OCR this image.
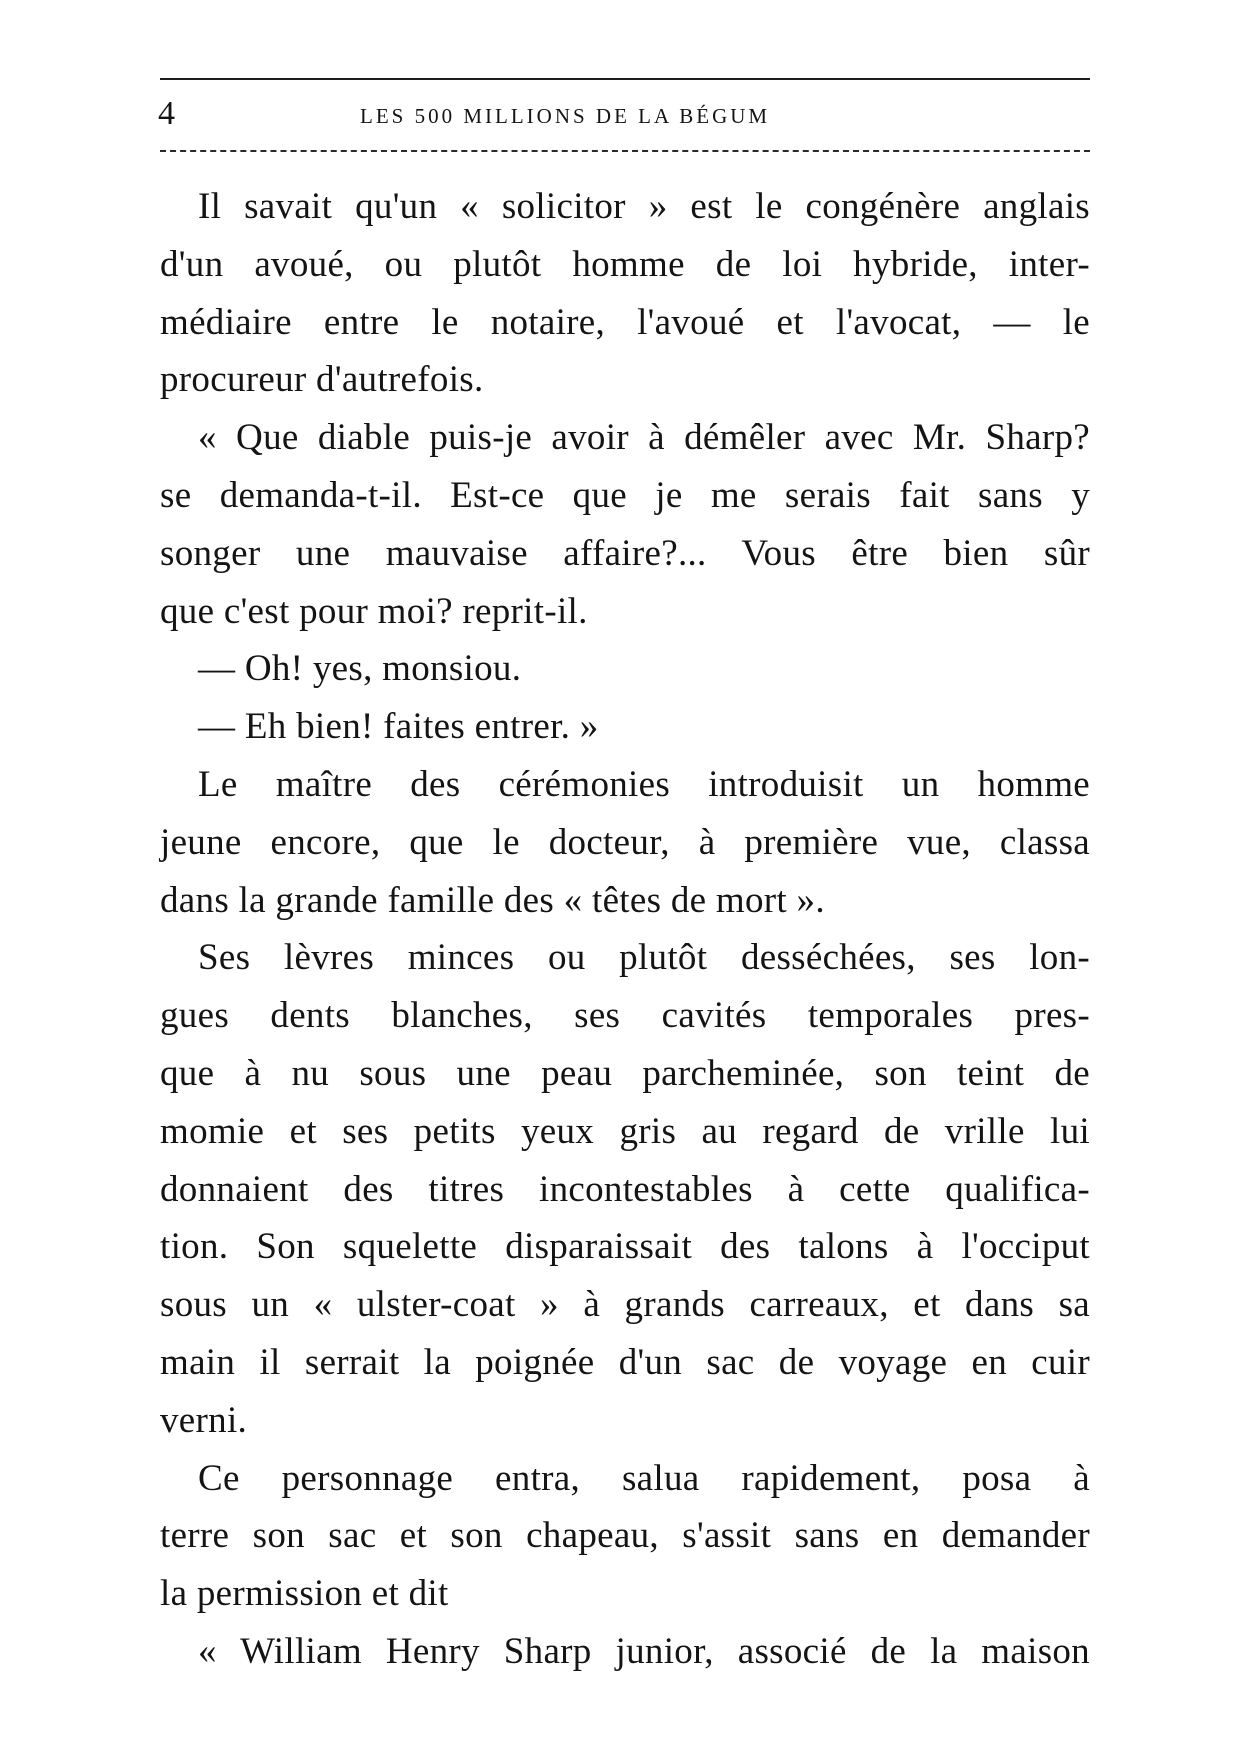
4	LES 500 MILLIONS DE LA BÉGUM
Il savait qu'un « solicitor » est le congénère anglais
d'un avoué, ou plutôt homme de loi hybride, inter-
médiaire entre le notaire, l'avoué et l'avocat, — le
procureur d'autrefois.
« Que diable puis-je avoir à démêler avec Mr. Sharp?
se demanda-t-il. Est-ce que je me serais fait sans y
songer une mauvaise affaire?... Vous être bien sûr
que c'est pour moi? reprit-il.
— Oh! yes, monsiou.
— Eh bien! faites entrer. »
Le maître des cérémonies introduisit un homme
jeune encore, que le docteur, à première vue, classa
dans la grande famille des « têtes de mort ».
Ses lèvres minces ou plutôt desséchées, ses lon-
gues dents blanches, ses cavités temporales pres-
que à nu sous une peau parcheminée, son teint de
momie et ses petits yeux gris au regard de vrille lui
donnaient des titres incontestables à cette qualifica-
tion. Son squelette disparaissait des talons à l'occiput
sous un « ulster-coat » à grands carreaux, et dans sa
main il serrait la poignée d'un sac de voyage en cuir
verni.
Ce personnage entra, salua rapidement, posa à
terre son sac et son chapeau, s'assit sans en demander
la permission et dit
« William Henry Sharp junior, associé de la maison
